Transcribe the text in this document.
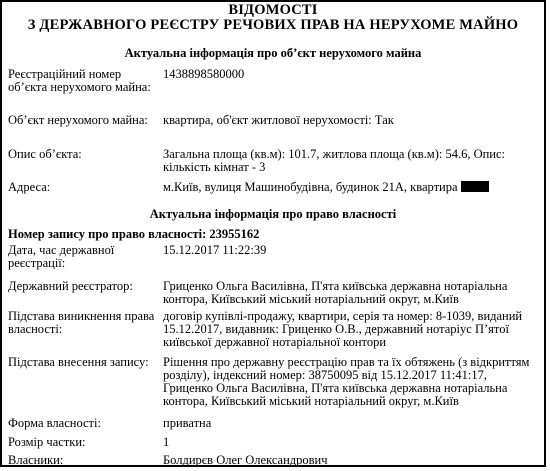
ВІДОМОСТІ
З ДЕРЖАВНОГО РЕЄСТРУ РЕЧОВИХ ПРАВ НА НЕРУХОМЕ МАЙНО
Актуальна інформація про об’єкт нерухомого майна
Реєстраційний номер об’єкта нерухомого майна:
1438898580000
Об’єкт нерухомого майна:	квартира, об'єкт житлової нерухомості: Так
Опис об’єкта:	Загальна площа (кв.м): 101.7, житлова площа (кв.м): 54.6, Опис: кількість кімнат - 3
Адреса:	м.Київ, вулиця Машинобудівна, будинок 21А, квартира
Актуальна інформація про право власності
Номер запису про право власності: 23955162
Дата, час державної реєстрації:
15.12.2017 11:22:39
Державний реєстратор:	Гриценко Ольга Василівна, П'ята київська державна нотаріальна контора, Київський міський нотаріальний округ, м.Київ
Підстава виникнення права власності:
договір купівлі-продажу, квартири, серія та номер: 8-1039, виданий 15.12.2017, видавник: Гриценко О.В., державний нотаріус П’ятої київської державної нотаріальної контори
Підстава внесення запису:	Рішення про державну реєстрацію прав та їх обтяжень (з відкриттям розділу), індексний номер: 38750095 від 15.12.2017 11:41:17, Гриценко Ольга Василівна, П'ята київська державна нотаріальна контора, Київський міський нотаріальний округ, м.Київ
Форма власності:	приватна
Розмір частки:	1
Власники:	Болдирєв Олег Олександрович
